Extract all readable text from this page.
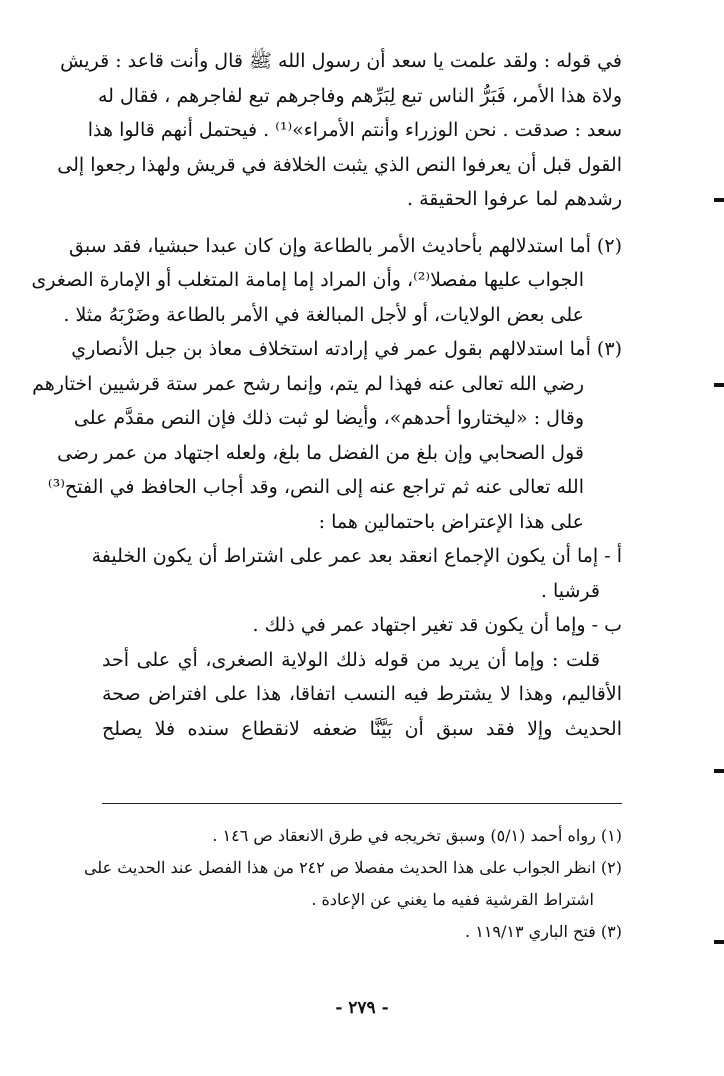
في قوله : ولقد علمت يا سعد أن رسول الله ﷺ قال وأنت قاعد : قريش
ولاة هذا الأمر، فَبَرُّ الناس تبع لِبَرِّهم وفاجرهم تبع لفاجرهم ، فقال له
سعد : صدقت . نحن الوزراء وأنتم الأمراء»⁽¹⁾ . فيحتمل أنهم قالوا هذا
القول قبل أن يعرفوا النص الذي يثبت الخلافة في قريش ولهذا رجعوا إلى
رشدهم لما عرفوا الحقيقة .
(٢) أما استدلالهم بأحاديث الأمر بالطاعة وإن كان عبدا حبشيا، فقد سبق
الجواب عليها مفصلا⁽²⁾، وأن المراد إما إمامة المتغلب أو الإمارة الصغرى
على بعض الولايات، أو لأجل المبالغة في الأمر بالطاعة وضَرْبَهُ مثلا .
(٣) أما استدلالهم بقول عمر في إرادته استخلاف معاذ بن جبل الأنصاري
رضي الله تعالى عنه فهذا لم يتم، وإنما رشح عمر ستة قرشيين اختارهم
وقال : «ليختاروا أحدهم»، وأيضا لو ثبت ذلك فإن النص مقدَّم على
قول الصحابي وإن بلغ من الفضل ما بلغ، ولعله اجتهاد من عمر رضى
الله تعالى عنه ثم تراجع عنه إلى النص، وقد أجاب الحافظ في الفتح⁽³⁾
على هذا الإعتراض باحتمالين هما :
أ - إما أن يكون الإجماع انعقد بعد عمر على اشتراط أن يكون الخليفة
قرشيا .
ب - وإما أن يكون قد تغير اجتهاد عمر في ذلك .
قلت : وإما أن يريد من قوله ذلك الولاية الصغرى، أي على أحد
الأقاليم، وهذا لا يشترط فيه النسب اتفاقا، هذا على افتراض صحة
الحديث وإلا فقد سبق أن بَيَّنَّا ضعفه لانقطاع سنده فلا يصلح
(١) رواه أحمد (٥/١) وسبق تخريجه في طرق الانعقاد ص ١٤٦ .
(٢) انظر الجواب على هذا الحديث مفصلا ص ٢٤٢ من هذا الفصل عند الحديث على
اشتراط القرشية ففيه ما يغني عن الإعادة .
(٣) فتح الباري ١١٩/١٣ .
- ٢٧٩ -
